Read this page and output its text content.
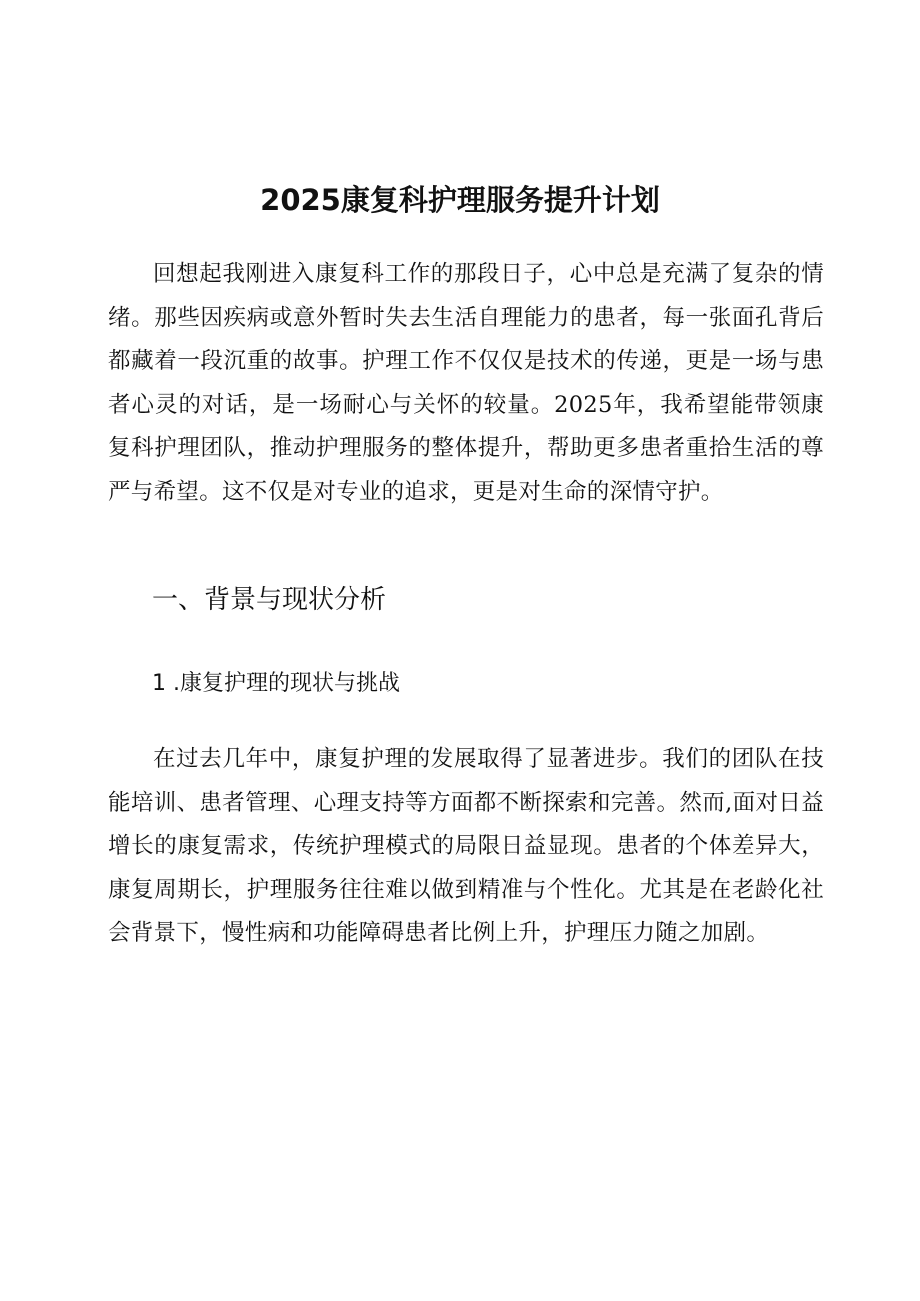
2025康复科护理服务提升计划

回想起我刚进入康复科工作的那段日子，心中总是充满了复杂的情绪。那些因疾病或意外暂时失去生活自理能力的患者，每一张面孔背后都藏着一段沉重的故事。护理工作不仅仅是技术的传递，更是一场与患者心灵的对话，是一场耐心与关怀的较量。2025年，我希望能带领康复科护理团队，推动护理服务的整体提升，帮助更多患者重拾生活的尊严与希望。这不仅是对专业的追求，更是对生命的深情守护。

一、背景与现状分析
1 .康复护理的现状与挑战

在过去几年中，康复护理的发展取得了显著进步。我们的团队在技能培训、患者管理、心理支持等方面都不断探索和完善。然而,面对日益增长的康复需求，传统护理模式的局限日益显现。患者的个体差异大，康复周期长，护理服务往往难以做到精准与个性化。尤其是在老龄化社会背景下，慢性病和功能障碍患者比例上升，护理压力随之加剧。
